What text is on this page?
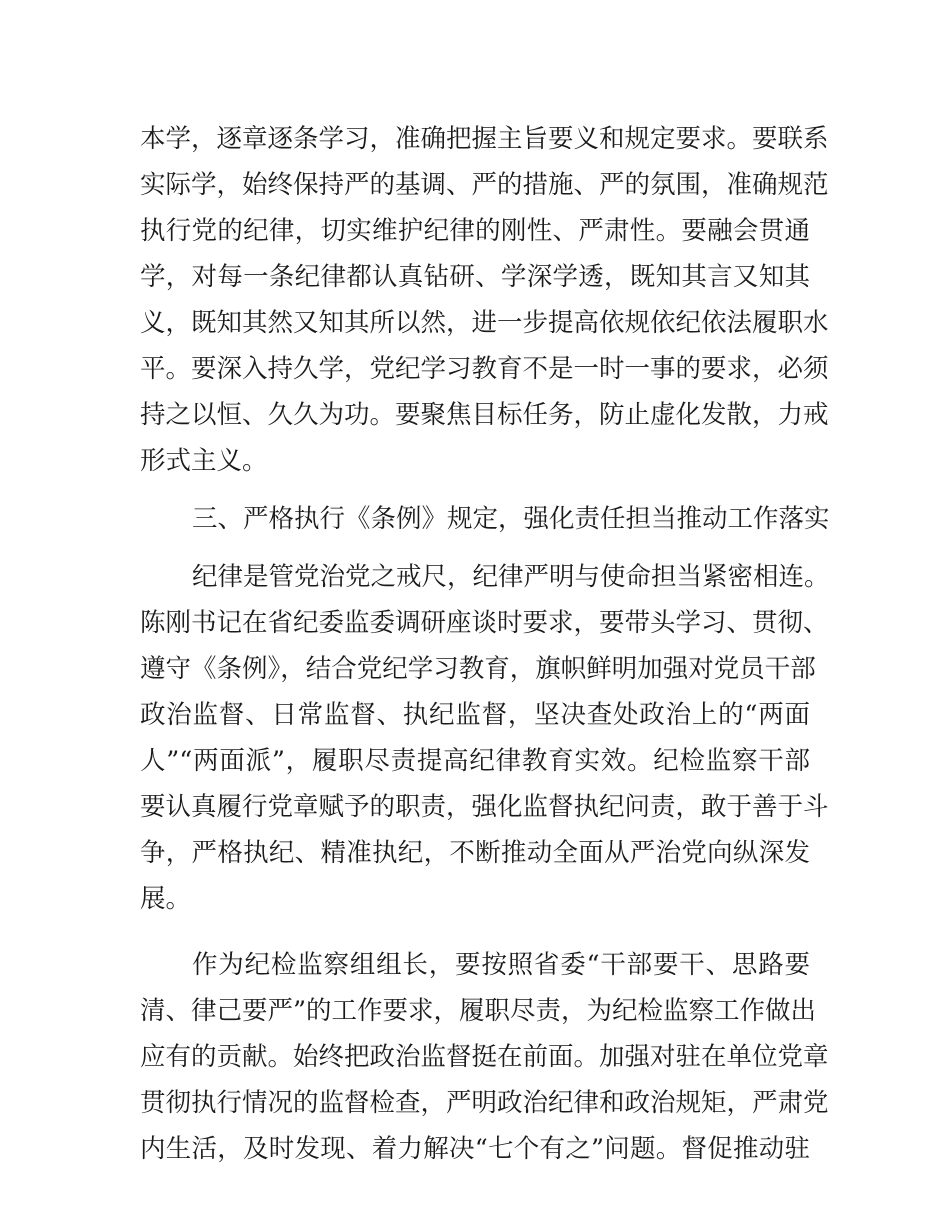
本学，逐章逐条学习，准确把握主旨要义和规定要求。要联系
实际学，始终保持严的基调、严的措施、严的氛围，准确规范
执行党的纪律，切实维护纪律的刚性、严肃性。要融会贯通
学，对每一条纪律都认真钻研、学深学透，既知其言又知其
义，既知其然又知其所以然，进一步提高依规依纪依法履职水
平。要深入持久学，党纪学习教育不是一时一事的要求，必须
持之以恒、久久为功。要聚焦目标任务，防止虚化发散，力戒
形式主义。
三、严格执行《条例》规定，强化责任担当推动工作落实
纪律是管党治党之戒尺，纪律严明与使命担当紧密相连。
陈刚书记在省纪委监委调研座谈时要求，要带头学习、贯彻、
遵守《条例》，结合党纪学习教育，旗帜鲜明加强对党员干部
政治监督、日常监督、执纪监督，坚决查处政治上的“两面
人”“两面派”，履职尽责提高纪律教育实效。纪检监察干部
要认真履行党章赋予的职责，强化监督执纪问责，敢于善于斗
争，严格执纪、精准执纪，不断推动全面从严治党向纵深发
展。
作为纪检监察组组长，要按照省委“干部要干、思路要
清、律己要严”的工作要求，履职尽责，为纪检监察工作做出
应有的贡献。始终把政治监督挺在前面。加强对驻在单位党章
贯彻执行情况的监督检查，严明政治纪律和政治规矩，严肃党
内生活，及时发现、着力解决“七个有之”问题。督促推动驻
